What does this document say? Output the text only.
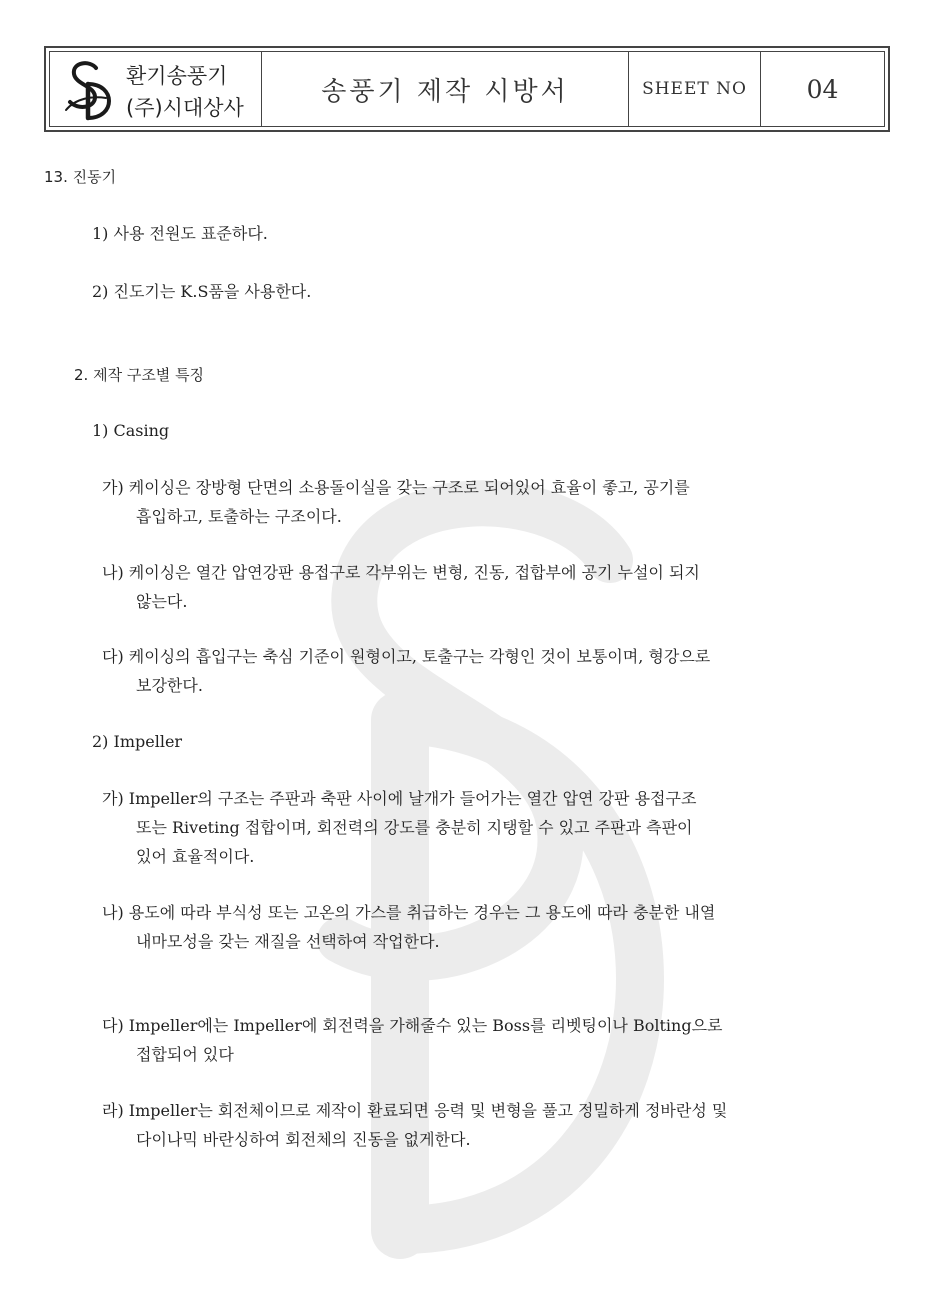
환기송풍기
(주)시대상사
송풍기 제작 시방서	SHEET NO 04
13. 진동기
1) 사용 전원도 표준하다.
2) 진도기는 K.S품을 사용한다.
2. 제작 구조별 특징
1) Casing
가) 케이싱은 장방형 단면의 소용돌이실을 갖는 구조로 되어있어 효율이 좋고, 공기를
흡입하고, 토출하는 구조이다.
나) 케이싱은 열간 압연강판 용접구로 각부위는 변형, 진동, 접합부에 공기 누설이 되지
않는다.
다) 케이싱의 흡입구는 축심 기준이 원형이고, 토출구는 각형인 것이 보통이며, 형강으로
보강한다.
2) Impeller
가) Impeller의 구조는 주판과 축판 사이에 날개가 들어가는 열간 압연 강판 용접구조
또는 Riveting 접합이며, 회전력의 강도를 충분히 지탱할 수 있고 주판과 측판이
있어 효율적이다.
나) 용도에 따라 부식성 또는 고온의 가스를 취급하는 경우는 그 용도에 따라 충분한 내열
내마모성을 갖는 재질을 선택하여 작업한다.
다) Impeller에는 Impeller에 회전력을 가해줄수 있는 Boss를 리벳팅이나 Bolting으로
접합되어 있다
라) Impeller는 회전체이므로 제작이 환료되면 응력 및 변형을 풀고 정밀하게 정바란성 및
다이나믹 바란싱하여 회전체의 진동을 없게한다.
